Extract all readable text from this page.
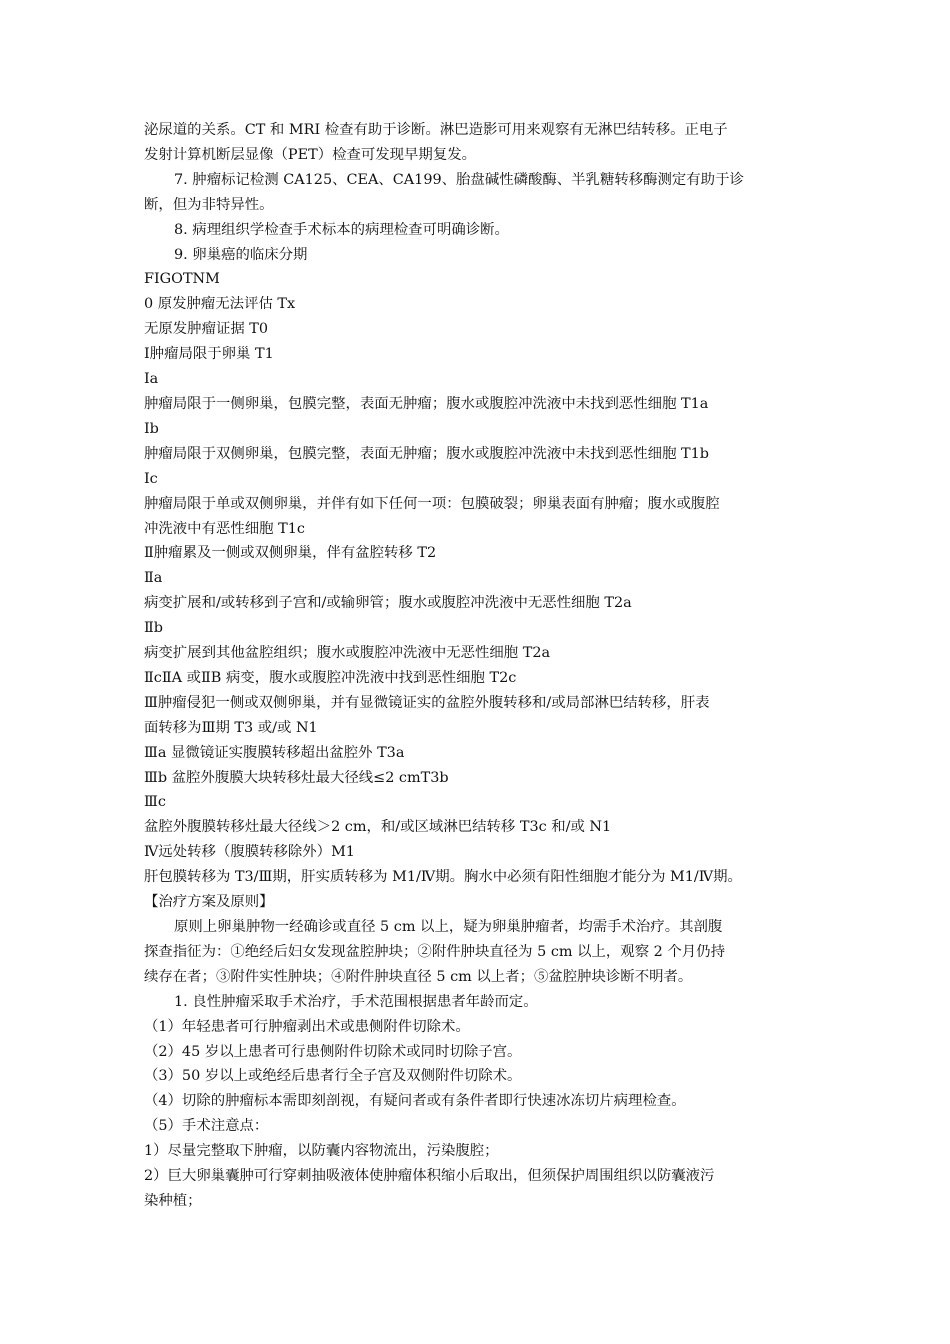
泌尿道的关系。CT 和 MRI 检查有助于诊断。淋巴造影可用来观察有无淋巴结转移。正电子
发射计算机断层显像（PET）检查可发现早期复发。
7. 肿瘤标记检测 CA125、CEA、CA199、胎盘碱性磷酸酶、半乳糖转移酶测定有助于诊
断，但为非特异性。
8. 病理组织学检查手术标本的病理检查可明确诊断。
9. 卵巢癌的临床分期
FIGOTNM
0 原发肿瘤无法评估 Tx
无原发肿瘤证据 T0
Ⅰ肿瘤局限于卵巢 T1
Ⅰa
肿瘤局限于一侧卵巢，包膜完整，表面无肿瘤；腹水或腹腔冲洗液中未找到恶性细胞 T1a
Ⅰb
肿瘤局限于双侧卵巢，包膜完整，表面无肿瘤；腹水或腹腔冲洗液中未找到恶性细胞 T1b
Ⅰc
肿瘤局限于单或双侧卵巢，并伴有如下任何一项：包膜破裂；卵巢表面有肿瘤；腹水或腹腔
冲洗液中有恶性细胞 T1c
Ⅱ肿瘤累及一侧或双侧卵巢，伴有盆腔转移 T2
Ⅱa
病变扩展和/或转移到子宫和/或输卵管；腹水或腹腔冲洗液中无恶性细胞 T2a
Ⅱb
病变扩展到其他盆腔组织；腹水或腹腔冲洗液中无恶性细胞 T2a
ⅡcⅡA 或ⅡB 病变，腹水或腹腔冲洗液中找到恶性细胞 T2c
Ⅲ肿瘤侵犯一侧或双侧卵巢，并有显微镜证实的盆腔外腹转移和/或局部淋巴结转移，肝表
面转移为Ⅲ期 T3 或/或 N1
Ⅲa 显微镜证实腹膜转移超出盆腔外 T3a
Ⅲb 盆腔外腹膜大块转移灶最大径线≤2 cmT3b
Ⅲc
盆腔外腹膜转移灶最大径线＞2 cm，和/或区域淋巴结转移 T3c 和/或 N1
Ⅳ远处转移（腹膜转移除外）M1
肝包膜转移为 T3/Ⅲ期，肝实质转移为 M1/Ⅳ期。胸水中必须有阳性细胞才能分为 M1/Ⅳ期。
【治疗方案及原则】
原则上卵巢肿物一经确诊或直径 5 cm 以上，疑为卵巢肿瘤者，均需手术治疗。其剖腹
探查指征为：①绝经后妇女发现盆腔肿块；②附件肿块直径为 5 cm 以上，观察 2 个月仍持
续存在者；③附件实性肿块；④附件肿块直径 5 cm 以上者；⑤盆腔肿块诊断不明者。
1. 良性肿瘤采取手术治疗，手术范围根据患者年龄而定。
（1）年轻患者可行肿瘤剥出术或患侧附件切除术。
（2）45 岁以上患者可行患侧附件切除术或同时切除子宫。
（3）50 岁以上或绝经后患者行全子宫及双侧附件切除术。
（4）切除的肿瘤标本需即刻剖视，有疑问者或有条件者即行快速冰冻切片病理检查。
（5）手术注意点：
1）尽量完整取下肿瘤，以防囊内容物流出，污染腹腔；
2）巨大卵巢囊肿可行穿刺抽吸液体使肿瘤体积缩小后取出，但须保护周围组织以防囊液污
染种植；
